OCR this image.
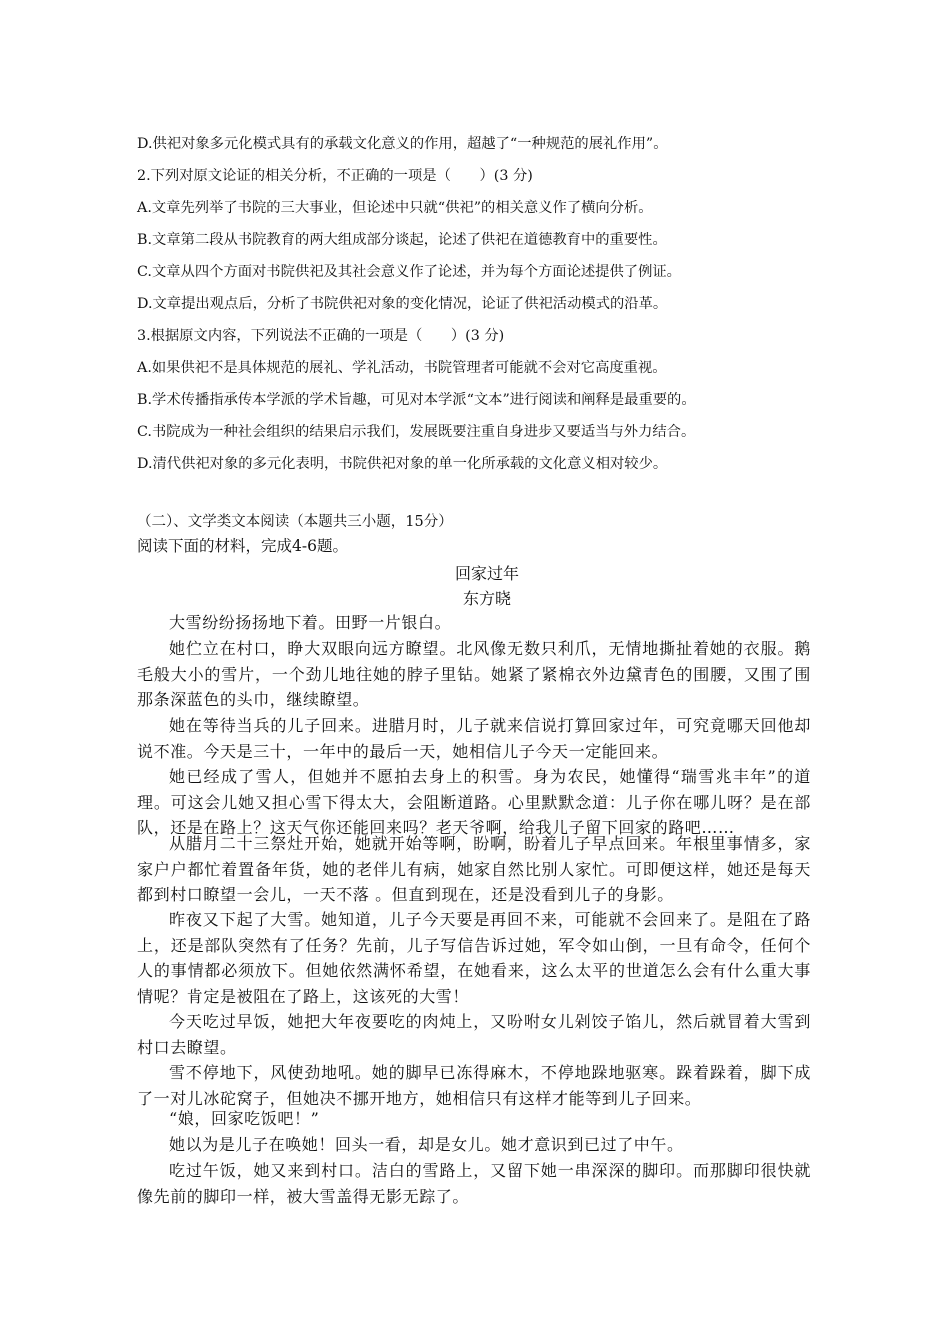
D.供祀对象多元化模式具有的承载文化意义的作用，超越了“一种规范的展礼作用”。
2.下列对原文论证的相关分析，不正确的一项是（　　）(3 分)
A.文章先列举了书院的三大事业，但论述中只就“供祀”的相关意义作了横向分析。
B.文章第二段从书院教育的两大组成部分谈起，论述了供祀在道德教育中的重要性。
C.文章从四个方面对书院供祀及其社会意义作了论述，并为每个方面论述提供了例证。
D.文章提出观点后，分析了书院供祀对象的变化情况，论证了供祀活动模式的沿革。
3.根据原文内容，下列说法不正确的一项是（　　）(3 分)
A.如果供祀不是具体规范的展礼、学礼活动，书院管理者可能就不会对它高度重视。
B.学术传播指承传本学派的学术旨趣，可见对本学派“文本”进行阅读和阐释是最重要的。
C.书院成为一种社会组织的结果启示我们，发展既要注重自身进步又要适当与外力结合。
D.清代供祀对象的多元化表明，书院供祀对象的单一化所承载的文化意义相对较少。
（二）、文学类文本阅读（本题共三小题，15分）
阅读下面的材料，完成4-6题。
回家过年
东方晓

大雪纷纷扬扬地下着。田野一片银白。

她伫立在村口，睁大双眼向远方瞭望。北风像无数只利爪，无情地撕扯着她的衣服。鹅毛般大小的雪片，一个劲儿地往她的脖子里钻。她紧了紧棉衣外边黛青色的围腰，又围了围那条深蓝色的头巾，继续瞭望。

她在等待当兵的儿子回来。进腊月时，儿子就来信说打算回家过年，可究竟哪天回他却说不准。今天是三十，一年中的最后一天，她相信儿子今天一定能回来。

她已经成了雪人，但她并不愿拍去身上的积雪。身为农民，她懂得“瑞雪兆丰年”的道理。可这会儿她又担心雪下得太大，会阻断道路。心里默默念道：儿子你在哪儿呀？是在部队，还是在路上？这天气你还能回来吗？老天爷啊，给我儿子留下回家的路吧……

从腊月二十三祭灶开始，她就开始等啊，盼啊，盼着儿子早点回来。年根里事情多，家家户户都忙着置备年货，她的老伴儿有病，她家自然比别人家忙。可即便这样，她还是每天都到村口瞭望一会儿，一天不落 。但直到现在，还是没看到儿子的身影。

昨夜又下起了大雪。她知道，儿子今天要是再回不来，可能就不会回来了。是阻在了路上，还是部队突然有了任务？先前，儿子写信告诉过她，军令如山倒，一旦有命令，任何个人的事情都必须放下。但她依然满怀希望，在她看来，这么太平的世道怎么会有什么重大事情呢？肯定是被阻在了路上，这该死的大雪！

今天吃过早饭，她把大年夜要吃的肉炖上，又吩咐女儿剁饺子馅儿，然后就冒着大雪到村口去瞭望。

雪不停地下，风使劲地吼。她的脚早已冻得麻木，不停地跺地驱寒。跺着跺着，脚下成了一对儿冰砣窝子，但她决不挪开地方，她相信只有这样才能等到儿子回来。

“娘，回家吃饭吧！”

她以为是儿子在唤她！回头一看，却是女儿。她才意识到已过了中午。

吃过午饭，她又来到村口。洁白的雪路上，又留下她一串深深的脚印。而那脚印很快就像先前的脚印一样，被大雪盖得无影无踪了。
